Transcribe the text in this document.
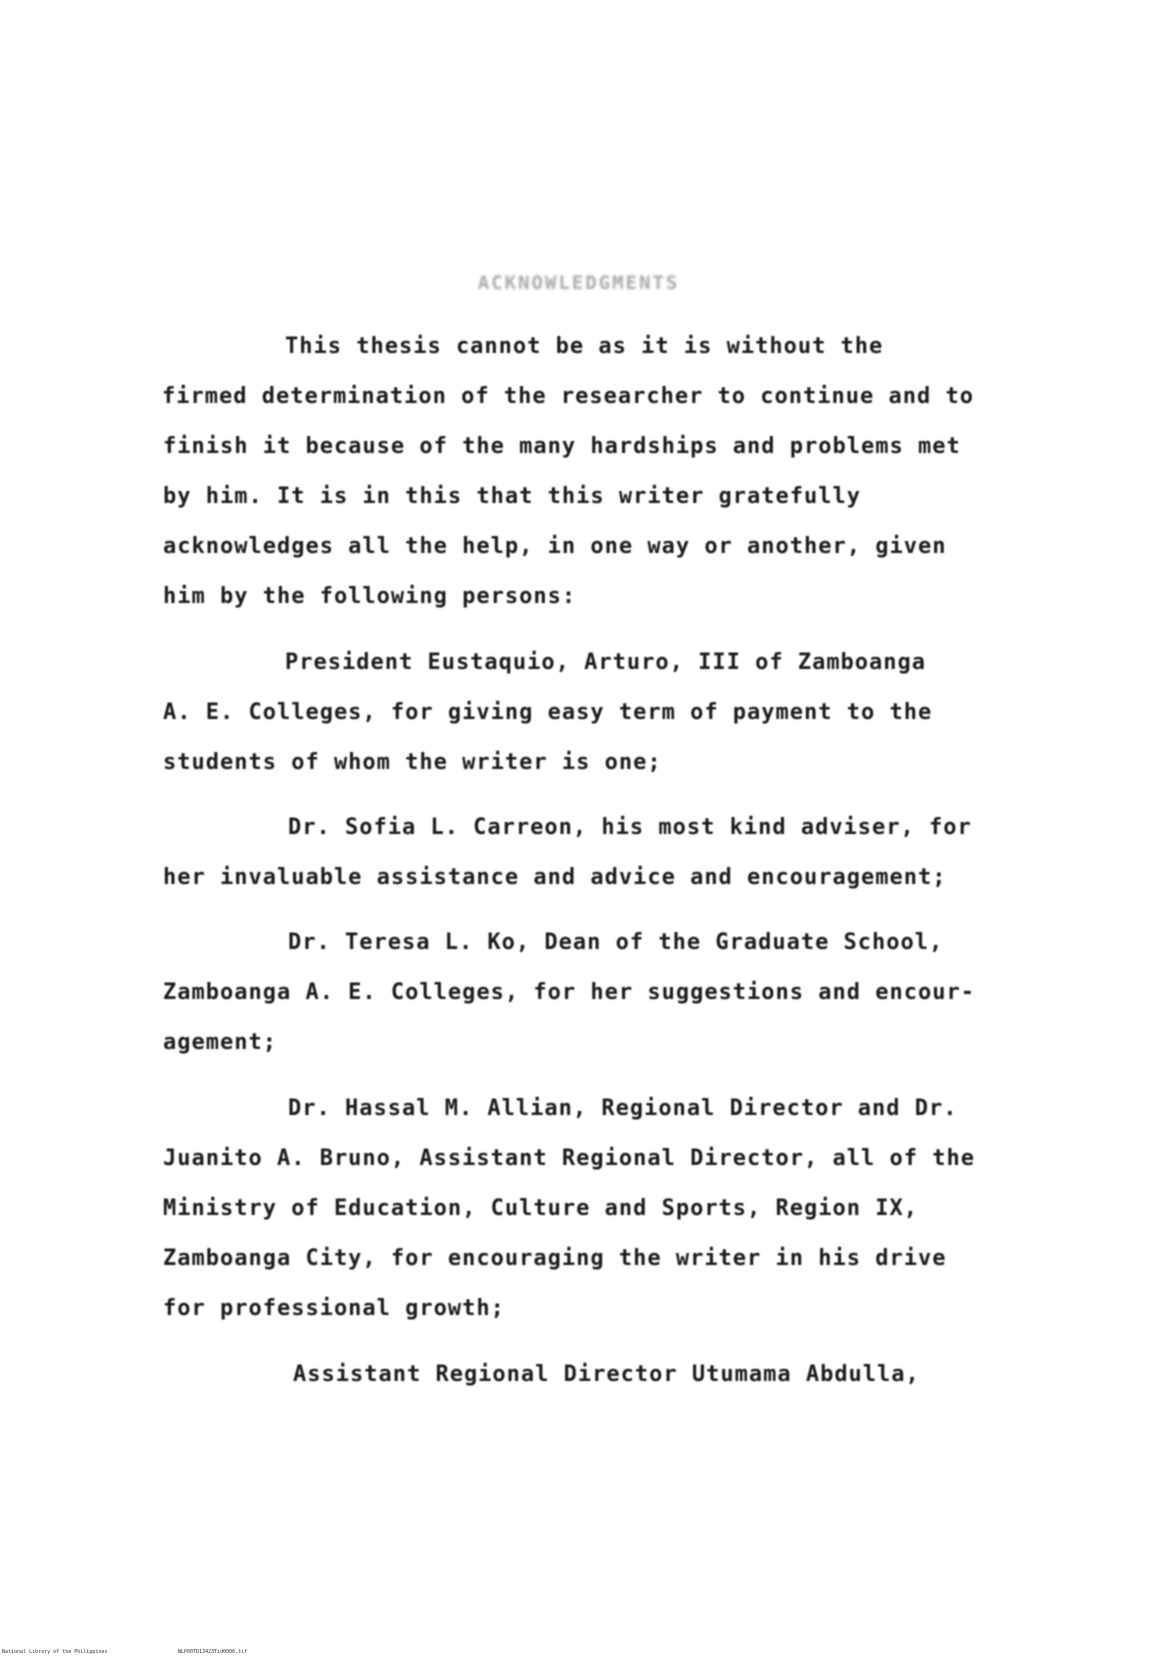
ACKNOWLEDGMENTS
This thesis cannot be as it is without the
firmed determination of the researcher to continue and to
finish it because of the many hardships and problems met
by him. It is in this that this writer gratefully
acknowledges all the help, in one way or another, given
him by the following persons:
President Eustaquio, Arturo, III of Zamboanga
A. E. Colleges, for giving easy term of payment to the
students of whom the writer is one;
Dr. Sofia L. Carreon, his most kind adviser, for
her invaluable assistance and advice and encouragement;
Dr. Teresa L. Ko, Dean of the Graduate School,
Zamboanga A. E. Colleges, for her suggestions and encour-
agement;
Dr. Hassal M. Allian, Regional Director and Dr.
Juanito A. Bruno, Assistant Regional Director, all of the
Ministry of Education, Culture and Sports, Region IX,
Zamboanga City, for encouraging the writer in his drive
for professional growth;
Assistant Regional Director Utumama Abdulla,
National Library of the Philippines	NLP00TD13423Tid0006.tif
